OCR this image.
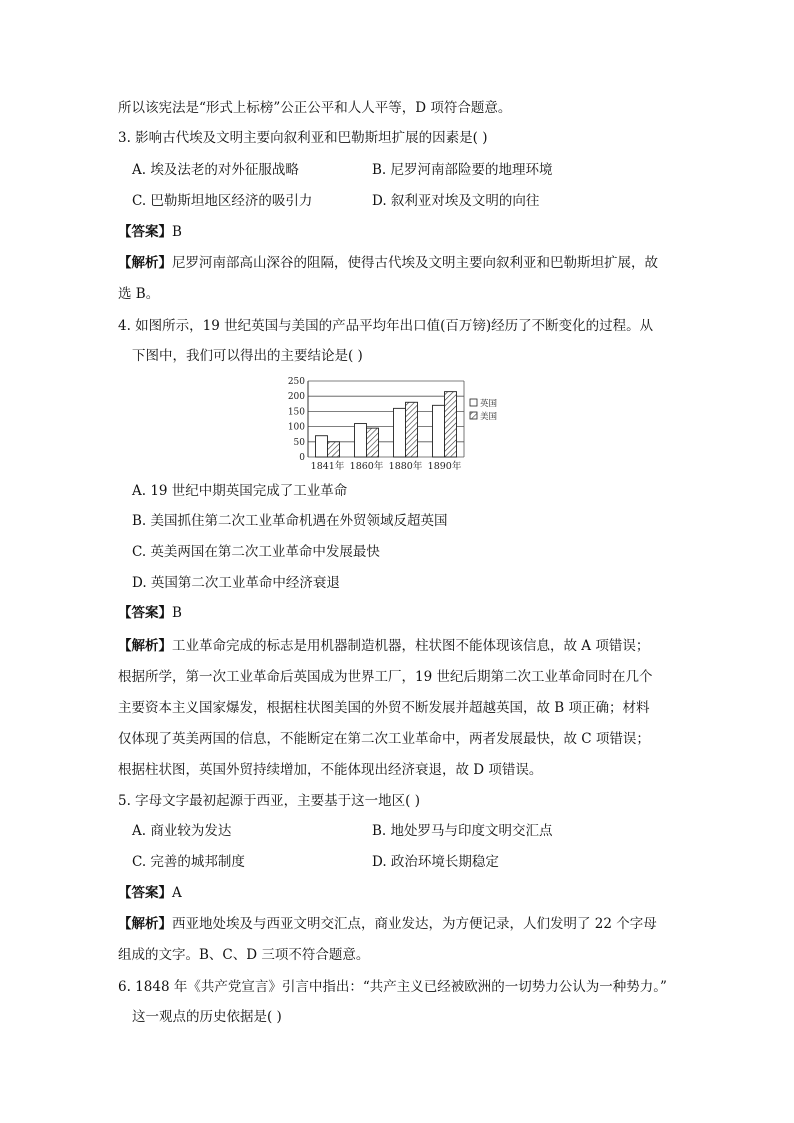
所以该宪法是“形式上标榜”公正公平和人人平等，D 项符合题意。
3. 影响古代埃及文明主要向叙利亚和巴勒斯坦扩展的因素是( )
A. 埃及法老的对外征服战略	B. 尼罗河南部险要的地理环境
C. 巴勒斯坦地区经济的吸引力	D. 叙利亚对埃及文明的向往
【答案】B
【解析】尼罗河南部高山深谷的阻隔，使得古代埃及文明主要向叙利亚和巴勒斯坦扩展，故
选 B。
4. 如图所示，19 世纪英国与美国的产品平均年出口值(百万镑)经历了不断变化的过程。从
下图中，我们可以得出的主要结论是( )
250
200
150
100
50
0
1841年 1860年 1880年 1890年
英国
美国
A. 19 世纪中期英国完成了工业革命
B. 美国抓住第二次工业革命机遇在外贸领域反超英国
C. 英美两国在第二次工业革命中发展最快
D. 英国第二次工业革命中经济衰退
【答案】B
【解析】工业革命完成的标志是用机器制造机器，柱状图不能体现该信息，故 A 项错误；
根据所学，第一次工业革命后英国成为世界工厂，19 世纪后期第二次工业革命同时在几个
主要资本主义国家爆发，根据柱状图美国的外贸不断发展并超越英国，故 B 项正确；材料
仅体现了英美两国的信息，不能断定在第二次工业革命中，两者发展最快，故 C 项错误；
根据柱状图，英国外贸持续增加，不能体现出经济衰退，故 D 项错误。
5. 字母文字最初起源于西亚，主要基于这一地区( )
A. 商业较为发达	B. 地处罗马与印度文明交汇点
C. 完善的城邦制度	D. 政治环境长期稳定
【答案】A
【解析】西亚地处埃及与西亚文明交汇点，商业发达，为方便记录，人们发明了 22 个字母
组成的文字。B、C、D 三项不符合题意。
6. 1848 年《共产党宣言》引言中指出：“共产主义已经被欧洲的一切势力公认为一种势力。”
这一观点的历史依据是( )
